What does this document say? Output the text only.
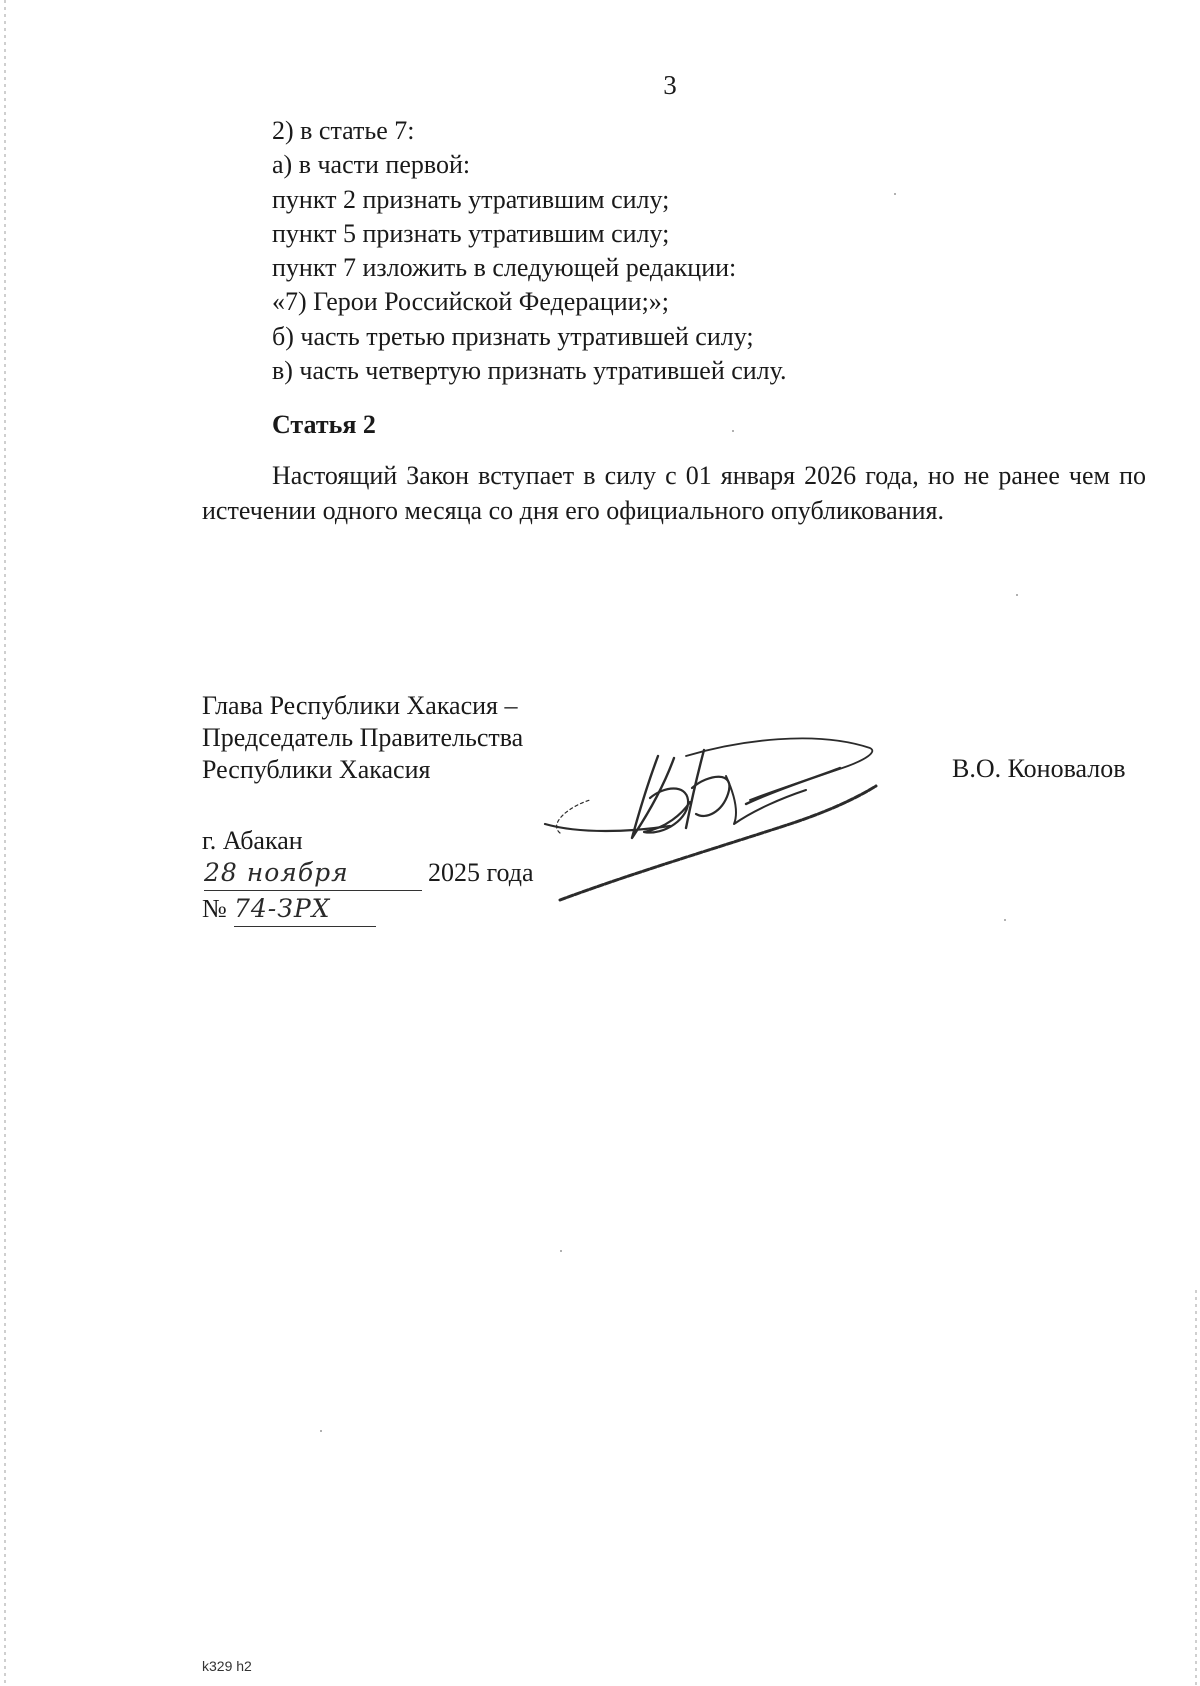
3
2) в статье 7:
а) в части первой:
пункт 2 признать утратившим силу;
пункт 5 признать утратившим силу;
пункт 7 изложить в следующей редакции:
«7) Герои Российской Федерации;»;
б) часть третью признать утратившей силу;
в) часть четвертую признать утратившей силу.
Статья 2

Настоящий Закон вступает в силу с 01 января 2026 года, но не ранее чем по истечении одного месяца со дня его официального опубликования.

Глава Республики Хакасия –
Председатель Правительства
Республики Хакасия	В.О. Коновалов
г. Абакан
28 ноября	2025 года
№ 74-ЗРХ
k329 h2
